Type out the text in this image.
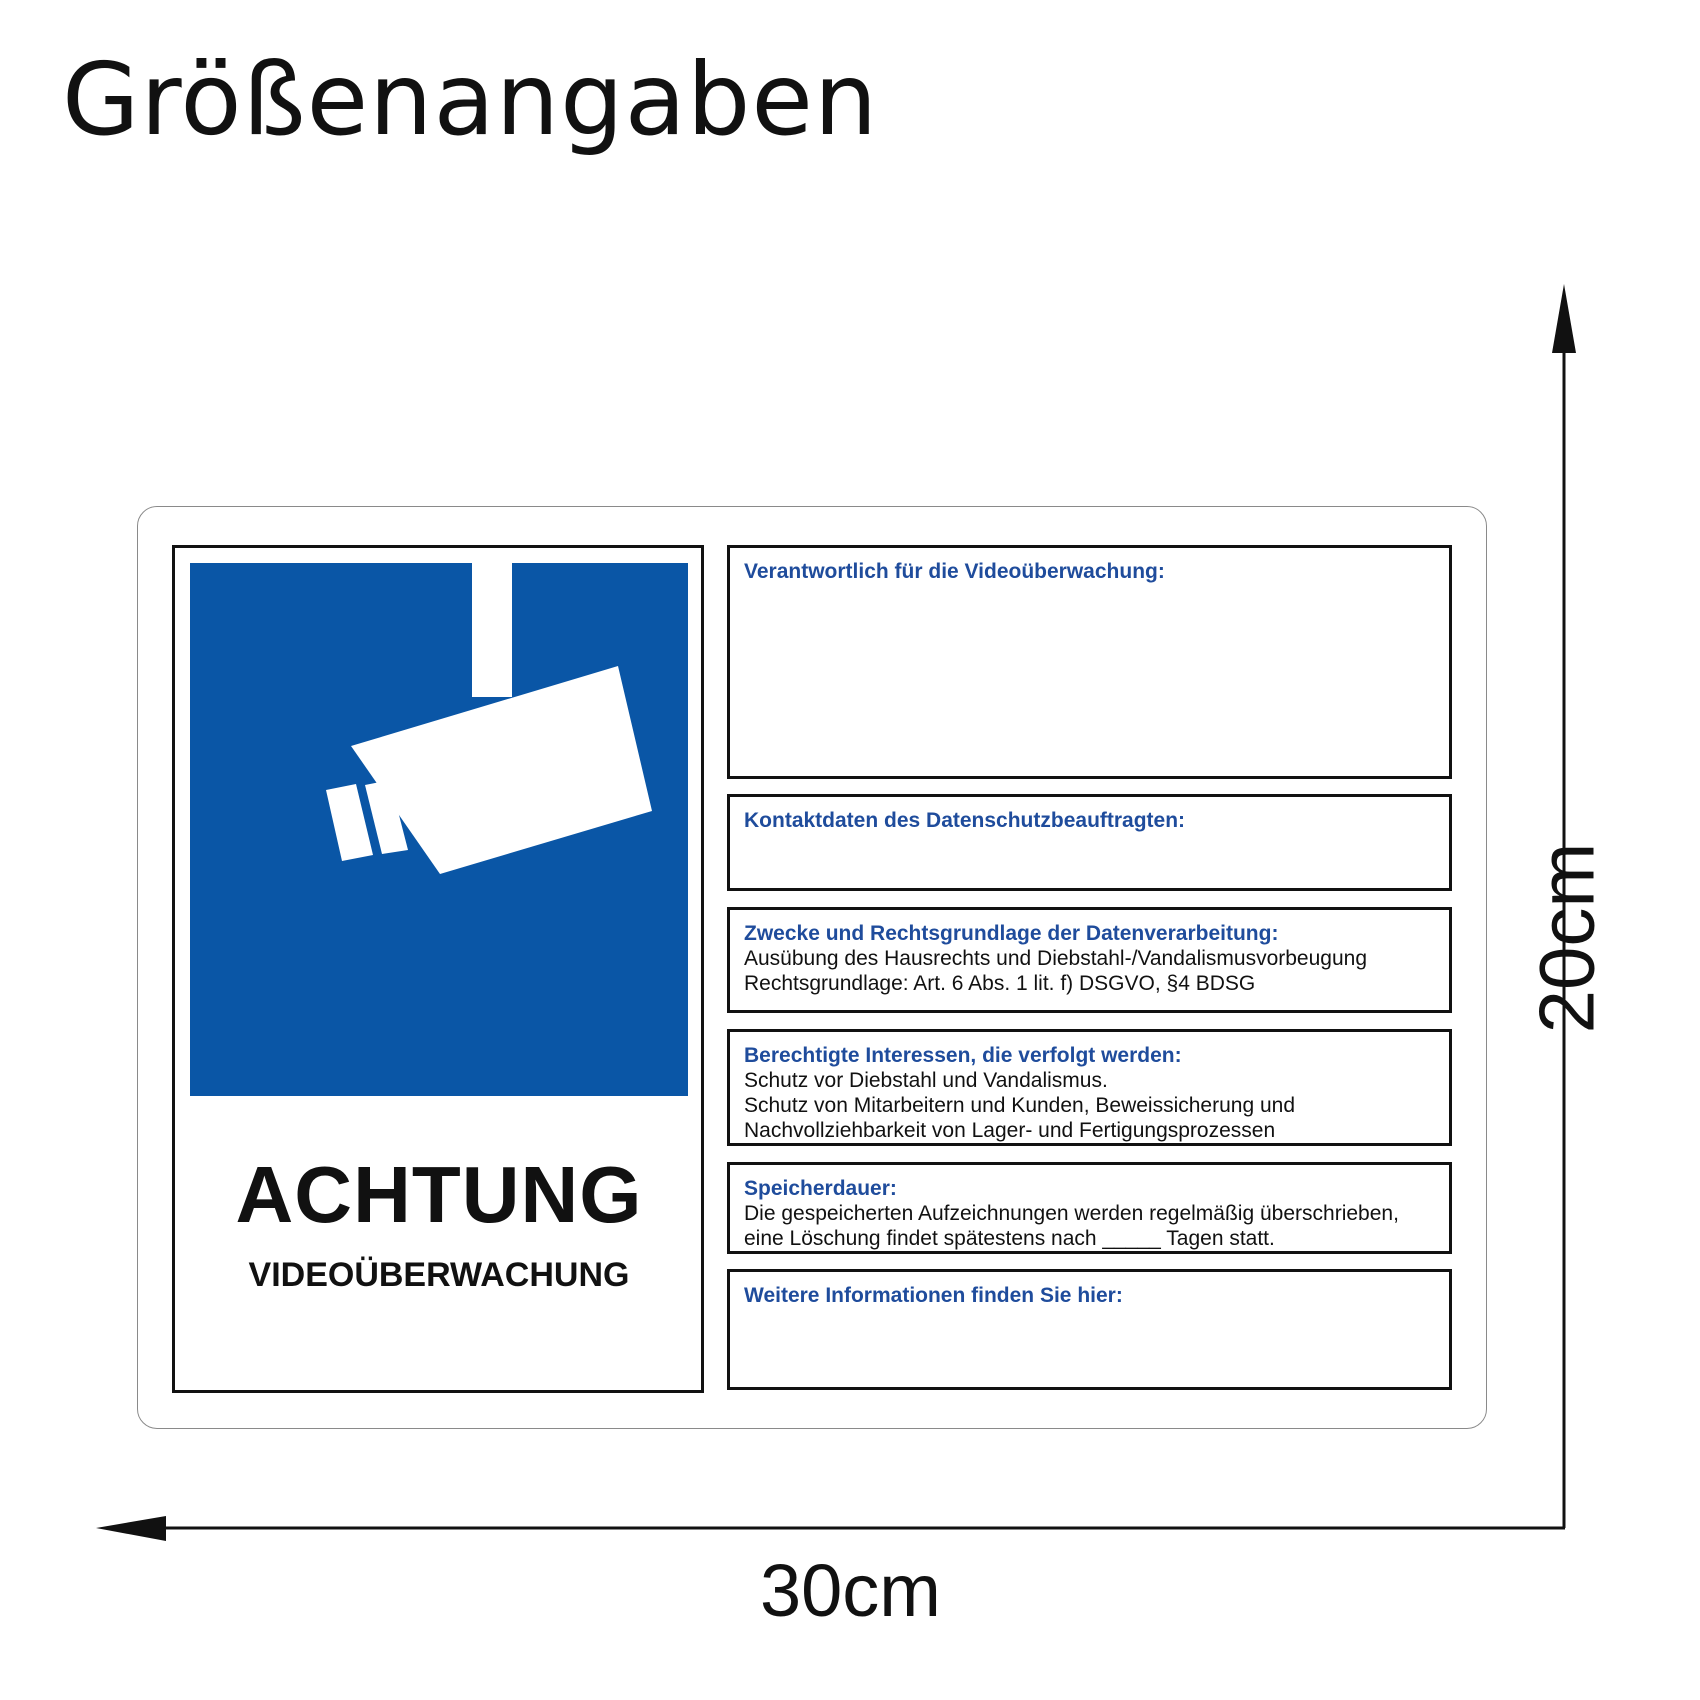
Größenangaben
20cm
30cm
ACHTUNG
VIDEOÜBERWACHUNG
Verantwortlich für die Videoüberwachung:
Kontaktdaten des Datenschutzbeauftragten:
Zwecke und Rechtsgrundlage der Datenverarbeitung:
Ausübung des Hausrechts und Diebstahl-/Vandalismusvorbeugung
Rechtsgrundlage: Art. 6 Abs. 1 lit. f) DSGVO, §4 BDSG
Berechtigte Interessen, die verfolgt werden:
Schutz vor Diebstahl und Vandalismus.
Schutz von Mitarbeitern und Kunden, Beweissicherung und
Nachvollziehbarkeit von Lager- und Fertigungsprozessen
Speicherdauer:
Die gespeicherten Aufzeichnungen werden regelmäßig überschrieben,
eine Löschung findet spätestens nach _____ Tagen statt.
Weitere Informationen finden Sie hier:
